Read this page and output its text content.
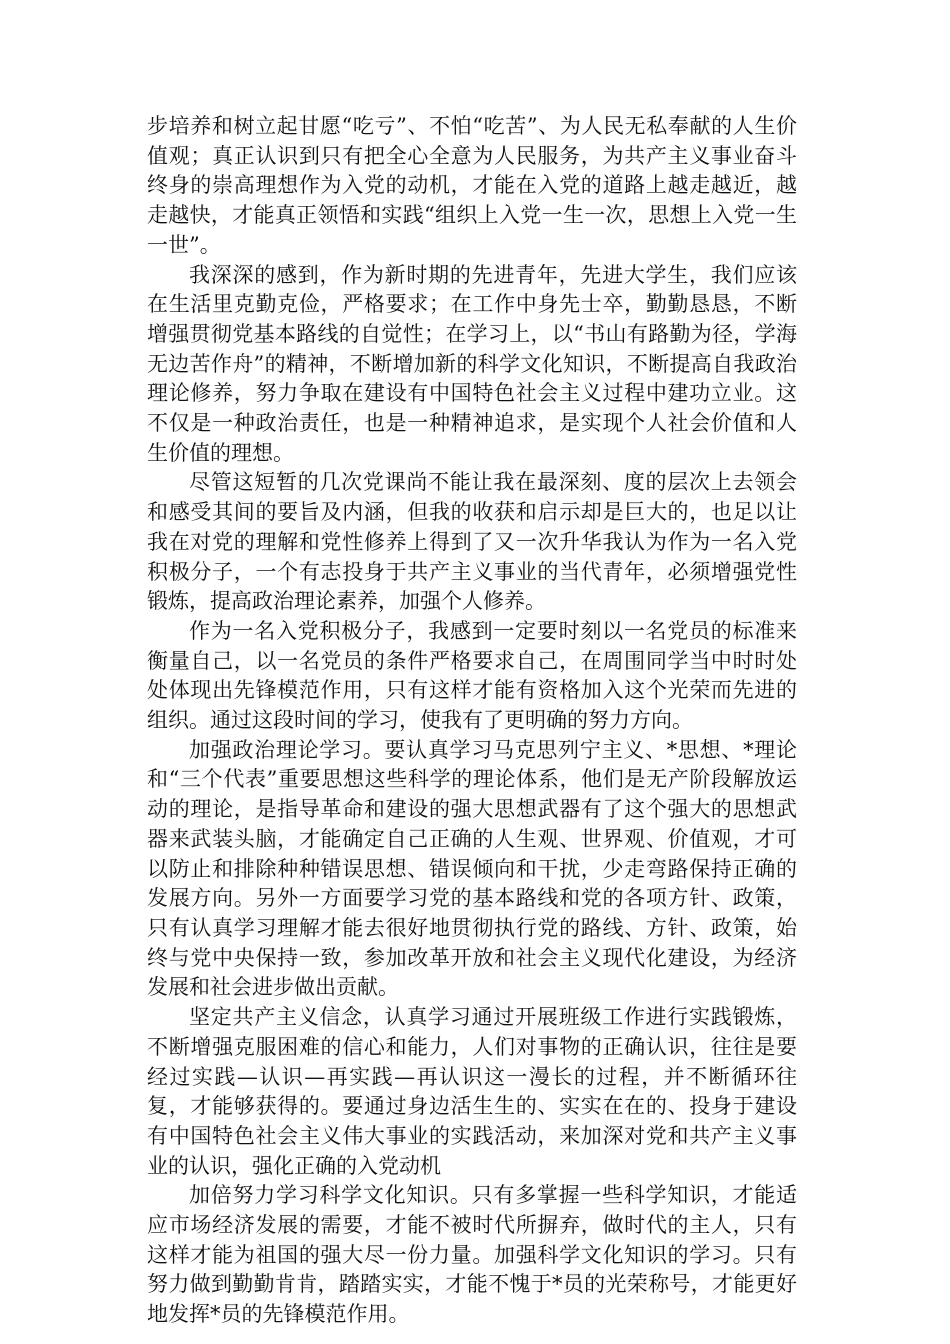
步培养和树立起甘愿“吃亏”、不怕“吃苦”、为人民无私奉献的人生价值观；真正认识到只有把全心全意为人民服务，为共产主义事业奋斗终身的崇高理想作为入党的动机，才能在入党的道路上越走越近，越走越快，才能真正领悟和实践“组织上入党一生一次，思想上入党一生一世”。

我深深的感到，作为新时期的先进青年，先进大学生，我们应该在生活里克勤克俭，严格要求；在工作中身先士卒，勤勤恳恳，不断增强贯彻党基本路线的自觉性；在学习上，以“书山有路勤为径，学海无边苦作舟”的精神，不断增加新的科学文化知识，不断提高自我政治理论修养，努力争取在建设有中国特色社会主义过程中建功立业。这不仅是一种政治责任，也是一种精神追求，是实现个人社会价值和人生价值的理想。

尽管这短暂的几次党课尚不能让我在最深刻、度的层次上去领会和感受其间的要旨及内涵，但我的收获和启示却是巨大的，也足以让我在对党的理解和党性修养上得到了又一次升华我认为作为一名入党积极分子，一个有志投身于共产主义事业的当代青年，必须增强党性锻炼，提高政治理论素养，加强个人修养。

作为一名入党积极分子，我感到一定要时刻以一名党员的标准来衡量自己，以一名党员的条件严格要求自己，在周围同学当中时时处处体现出先锋模范作用，只有这样才能有资格加入这个光荣而先进的组织。通过这段时间的学习，使我有了更明确的努力方向。

加强政治理论学习。要认真学习马克思列宁主义、*思想、*理论和“三个代表”重要思想这些科学的理论体系，他们是无产阶段解放运动的理论，是指导革命和建设的强大思想武器有了这个强大的思想武器来武装头脑，才能确定自己正确的人生观、世界观、价值观，才可以防止和排除种种错误思想、错误倾向和干扰，少走弯路保持正确的发展方向。另外一方面要学习党的基本路线和党的各项方针、政策，只有认真学习理解才能去很好地贯彻执行党的路线、方针、政策，始终与党中央保持一致，参加改革开放和社会主义现代化建设，为经济发展和社会进步做出贡献。

坚定共产主义信念，认真学习通过开展班级工作进行实践锻炼，不断增强克服困难的信心和能力，人们对事物的正确认识，往往是要经过实践—认识—再实践—再认识这一漫长的过程，并不断循环往复，才能够获得的。要通过身边活生生的、实实在在的、投身于建设有中国特色社会主义伟大事业的实践活动，来加深对党和共产主义事业的认识，强化正确的入党动机

加倍努力学习科学文化知识。只有多掌握一些科学知识，才能适应市场经济发展的需要，才能不被时代所摒弃，做时代的主人，只有这样才能为祖国的强大尽一份力量。加强科学文化知识的学习。只有努力做到勤勤肯肯，踏踏实实，才能不愧于*员的光荣称号，才能更好地发挥*员的先锋模范作用。
